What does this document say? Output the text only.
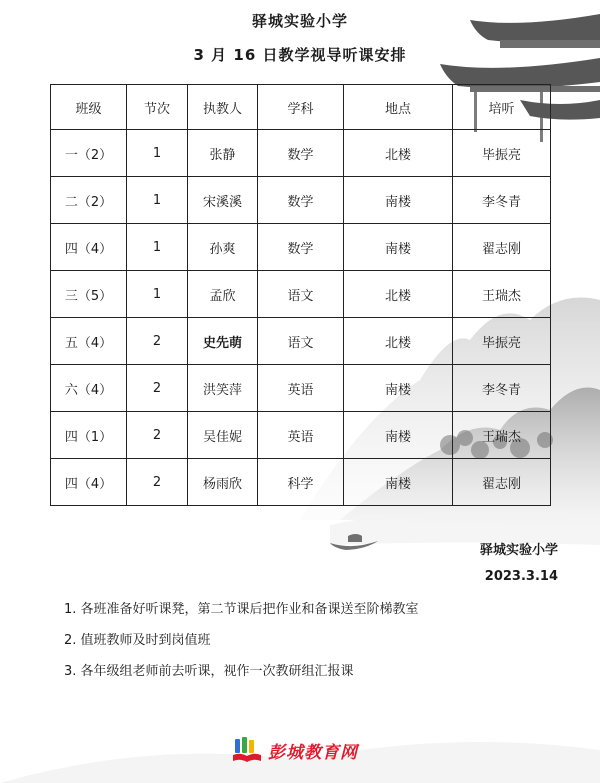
驿城实验小学
3 月 16 日教学视导听课安排
班级	节次	执教人	学科	地点	培听
一（2）	1	张静	数学	北楼	毕振亮
二（2）	1	宋溪溪	数学	南楼	李冬青
四（4）	1	孙爽	数学	南楼	翟志刚
三（5）	1	孟欣	语文	北楼	王瑞杰
五（4）	2	史先萌	语文	北楼	毕振亮
六（4）	2	洪笑萍	英语	南楼	李冬青
四（1）	2	吴佳妮	英语	南楼	王瑞杰
四（4）	2	杨雨欣	科学	南楼	翟志刚
驿城实验小学
2023.3.14
1. 各班准备好听课凳，第二节课后把作业和备课送至阶梯教室
2. 值班教师及时到岗值班
3. 各年级组老师前去听课，视作一次教研组汇报课
彭城教育网
